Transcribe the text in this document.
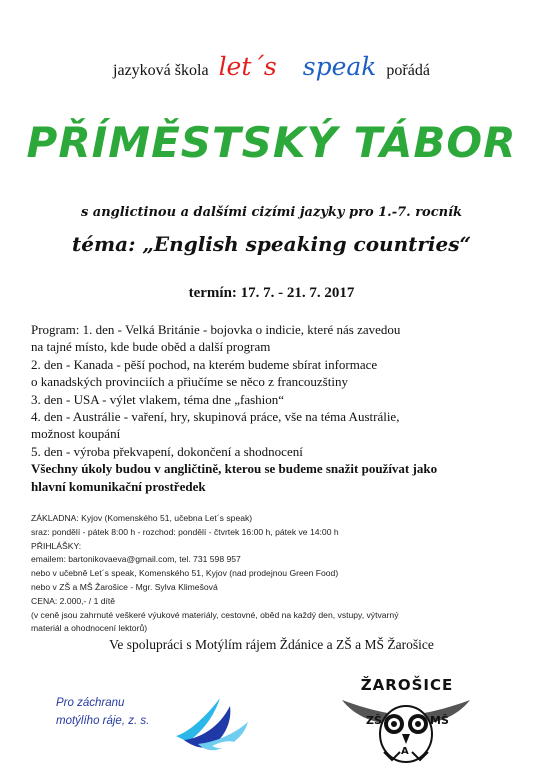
jazyková škola let´s speak pořádá
PŘÍMĚSTSKÝ TÁBOR
s anglictinou a dalšími cizími jazyky pro 1.-7. rocník
téma: „English speaking countries“
termín: 17. 7. - 21. 7. 2017

Program: 1. den - Velká Británie - bojovka o indicie, které nás zavedou

na tajné místo, kde bude oběd a další program

2. den - Kanada - pěší pochod, na kterém budeme sbírat informace

o kanadských provinciích a přiučíme se něco z francouzštiny

3. den - USA - výlet vlakem, téma dne „fashion“

4. den - Austrálie - vaření, hry, skupinová práce, vše na téma Austrálie,

možnost koupání

5. den - výroba překvapení, dokončení a shodnocení

Všechny úkoly budou v angličtině, kterou se budeme snažit používat jako

hlavní komunikační prostředek

ZÁKLADNA: Kyjov (Komenského 51, učebna Let´s speak)

sraz: pondělí - pátek 8:00 h - rozchod: pondělí - čtvrtek 16:00 h, pátek ve 14:00 h

PŘIHLÁŠKY:

emailem: bartonikovaeva@gmail.com, tel. 731 598 957

nebo v učebně Let´s speak, Komenského 51, Kyjov (nad prodejnou Green Food)

nebo v ZŠ a MŠ Žarošice - Mgr. Sylva Klimešová

CENA: 2.000,- / 1 dítě

(v ceně jsou zahrnuté veškeré výukové materiály, cestovné, oběd na každý den, vstupy, výtvarný

materiál a ohodnocení lektorů)

Ve spolupráci s Motýlím rájem Ždánice a ZŠ a MŠ Žarošice
Pro záchranu
motýlího ráje, z. s.
ŽAROŠICE
ZŠ
A
MŠ
